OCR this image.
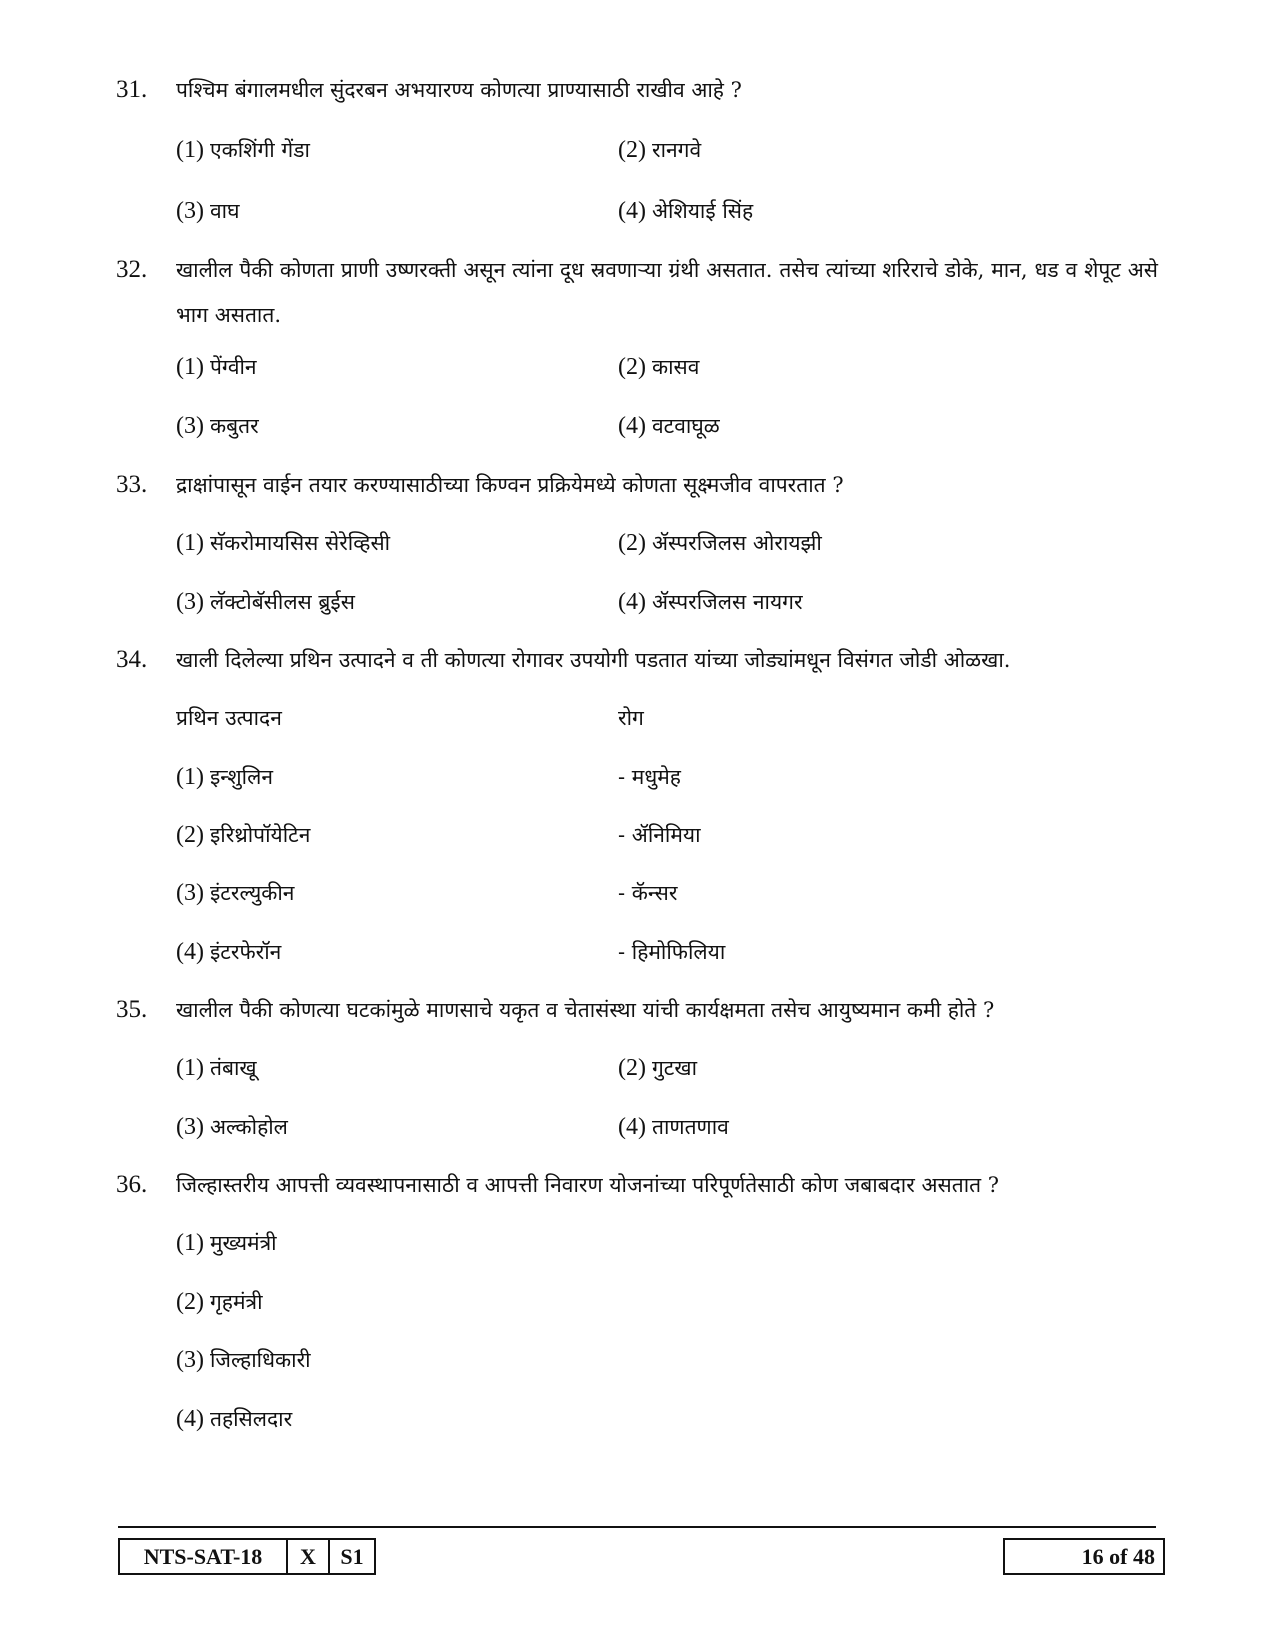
31. पश्चिम बंगालमधील सुंदरबन अभयारण्य कोणत्या प्राण्यासाठी राखीव आहे ?
(1) एकशिंगी गेंडा	(2) रानगवे
(3) वाघ	(4) अेशियाई सिंह
32. खालील पैकी कोणता प्राणी उष्णरक्ती असून त्यांना दूध स्रवणाऱ्या ग्रंथी असतात. तसेच त्यांच्या शरिराचे डोके, मान, धड व शेपूट असे भाग असतात.
(1) पेंग्वीन	(2) कासव
(3) कबुतर	(4) वटवाघूळ
33. द्राक्षांपासून वाईन तयार करण्यासाठीच्या किण्वन प्रक्रियेमध्ये कोणता सूक्ष्मजीव वापरतात ?
(1) सॅकरोमायसिस सेरेव्हिसी	(2) ॲस्परजिलस ओरायझी
(3) लॅक्टोबॅसीलस ब्रुईस	(4) ॲस्परजिलस नायगर
34. खाली दिलेल्या प्रथिन उत्पादने व ती कोणत्या रोगावर उपयोगी पडतात यांच्या जोड्यांमधून विसंगत जोडी ओळखा.
प्रथिन उत्पादन	रोग
(1) इन्शुलिन	- मधुमेह
(2) इरिथ्रोपॉयेटिन	- ॲनिमिया
(3) इंटरल्युकीन	- कॅन्सर
(4) इंटरफेरॉन	- हिमोफिलिया
35. खालील पैकी कोणत्या घटकांमुळे माणसाचे यकृत व चेतासंस्था यांची कार्यक्षमता तसेच आयुष्यमान कमी होते ?
(1) तंबाखू	(2) गुटखा
(3) अल्कोहोल	(4) ताणतणाव
36. जिल्हास्तरीय आपत्ती व्यवस्थापनासाठी व आपत्ती निवारण योजनांच्या परिपूर्णतेसाठी कोण जबाबदार असतात ?
(1) मुख्यमंत्री
(2) गृहमंत्री
(3) जिल्हाधिकारी
(4) तहसिलदार
NTS-SAT-18	X	S1	16 of 48
